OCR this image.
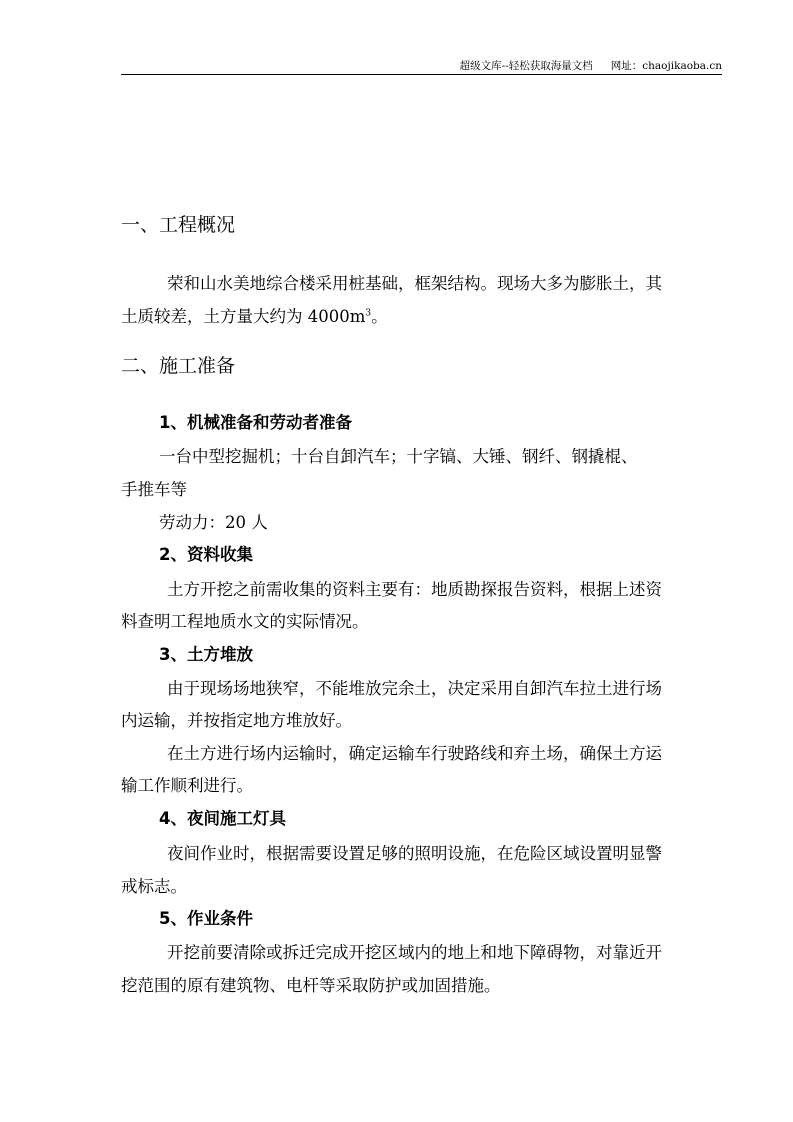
超级文库--轻松获取海量文档 网址：chaojikaoba.cn
一、工程概况
荣和山水美地综合楼采用桩基础，框架结构。现场大多为膨胀土，其
土质较差，土方量大约为 $4000m^3$。
二、施工准备
1、机械准备和劳动者准备
一台中型挖掘机；十台自卸汽车；十字镐、大锤、钢纤、钢撬棍、
手推车等
劳动力：20 人
2、资料收集
土方开挖之前需收集的资料主要有：地质勘探报告资料，根据上述资
料查明工程地质水文的实际情况。
3、土方堆放
由于现场场地狭窄，不能堆放完余土，决定采用自卸汽车拉土进行场
内运输，并按指定地方堆放好。
在土方进行场内运输时，确定运输车行驶路线和弃土场，确保土方运
输工作顺利进行。
4、夜间施工灯具
夜间作业时，根据需要设置足够的照明设施，在危险区域设置明显警
戒标志。
5、作业条件
开挖前要清除或拆迁完成开挖区域内的地上和地下障碍物，对靠近开
挖范围的原有建筑物、电杆等采取防护或加固措施。
